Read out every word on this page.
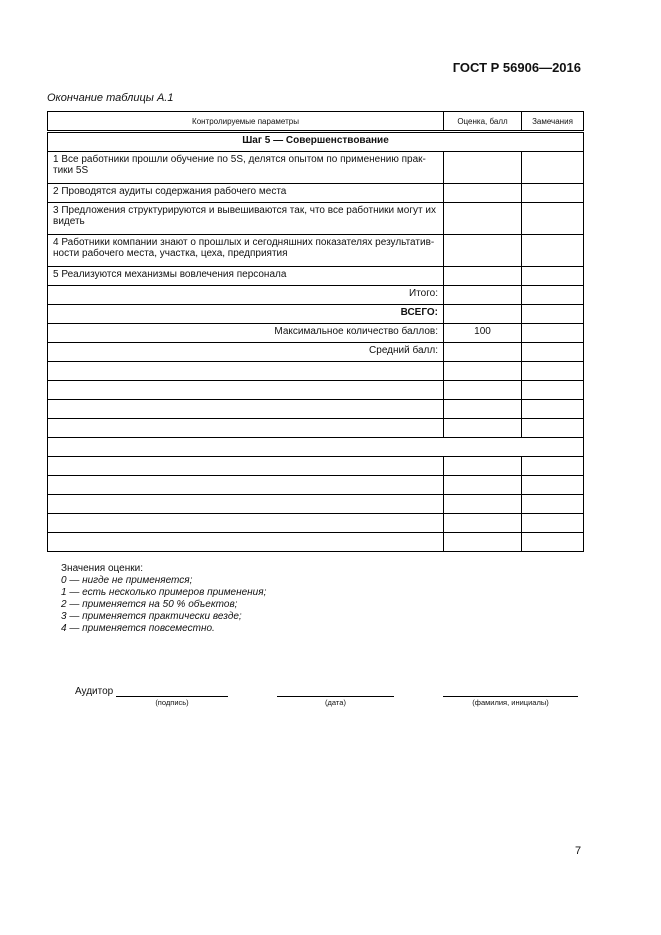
ГОСТ Р 56906—2016
Окончание таблицы А.1
Контролируемые параметры	Оценка, балл	Замечания
Шаг 5 — Совершенствование		
1 Все работники прошли обучение по 5S, делятся опытом по применению прак-тики 5S		
2 Проводятся аудиты содержания рабочего места		
3 Предложения структурируются и вывешиваются так, что все работники могут их видеть		
4 Работники компании знают о прошлых и сегодняшних показателях результатив-ности рабочего места, участка, цеха, предприятия		
5 Реализуются механизмы вовлечения персонала		
Итого:		
ВСЕГО:		
Максимальное количество баллов:	100	
Средний балл:		

Значения оценки:
0 — нигде не применяется;
1 — есть несколько примеров применения;
2 — применяется на 50 % объектов;
3 — применяется практически везде;
4 — применяется повсеместно.
Аудитор
(подпись)	(дата)	(фамилия, инициалы)
7
